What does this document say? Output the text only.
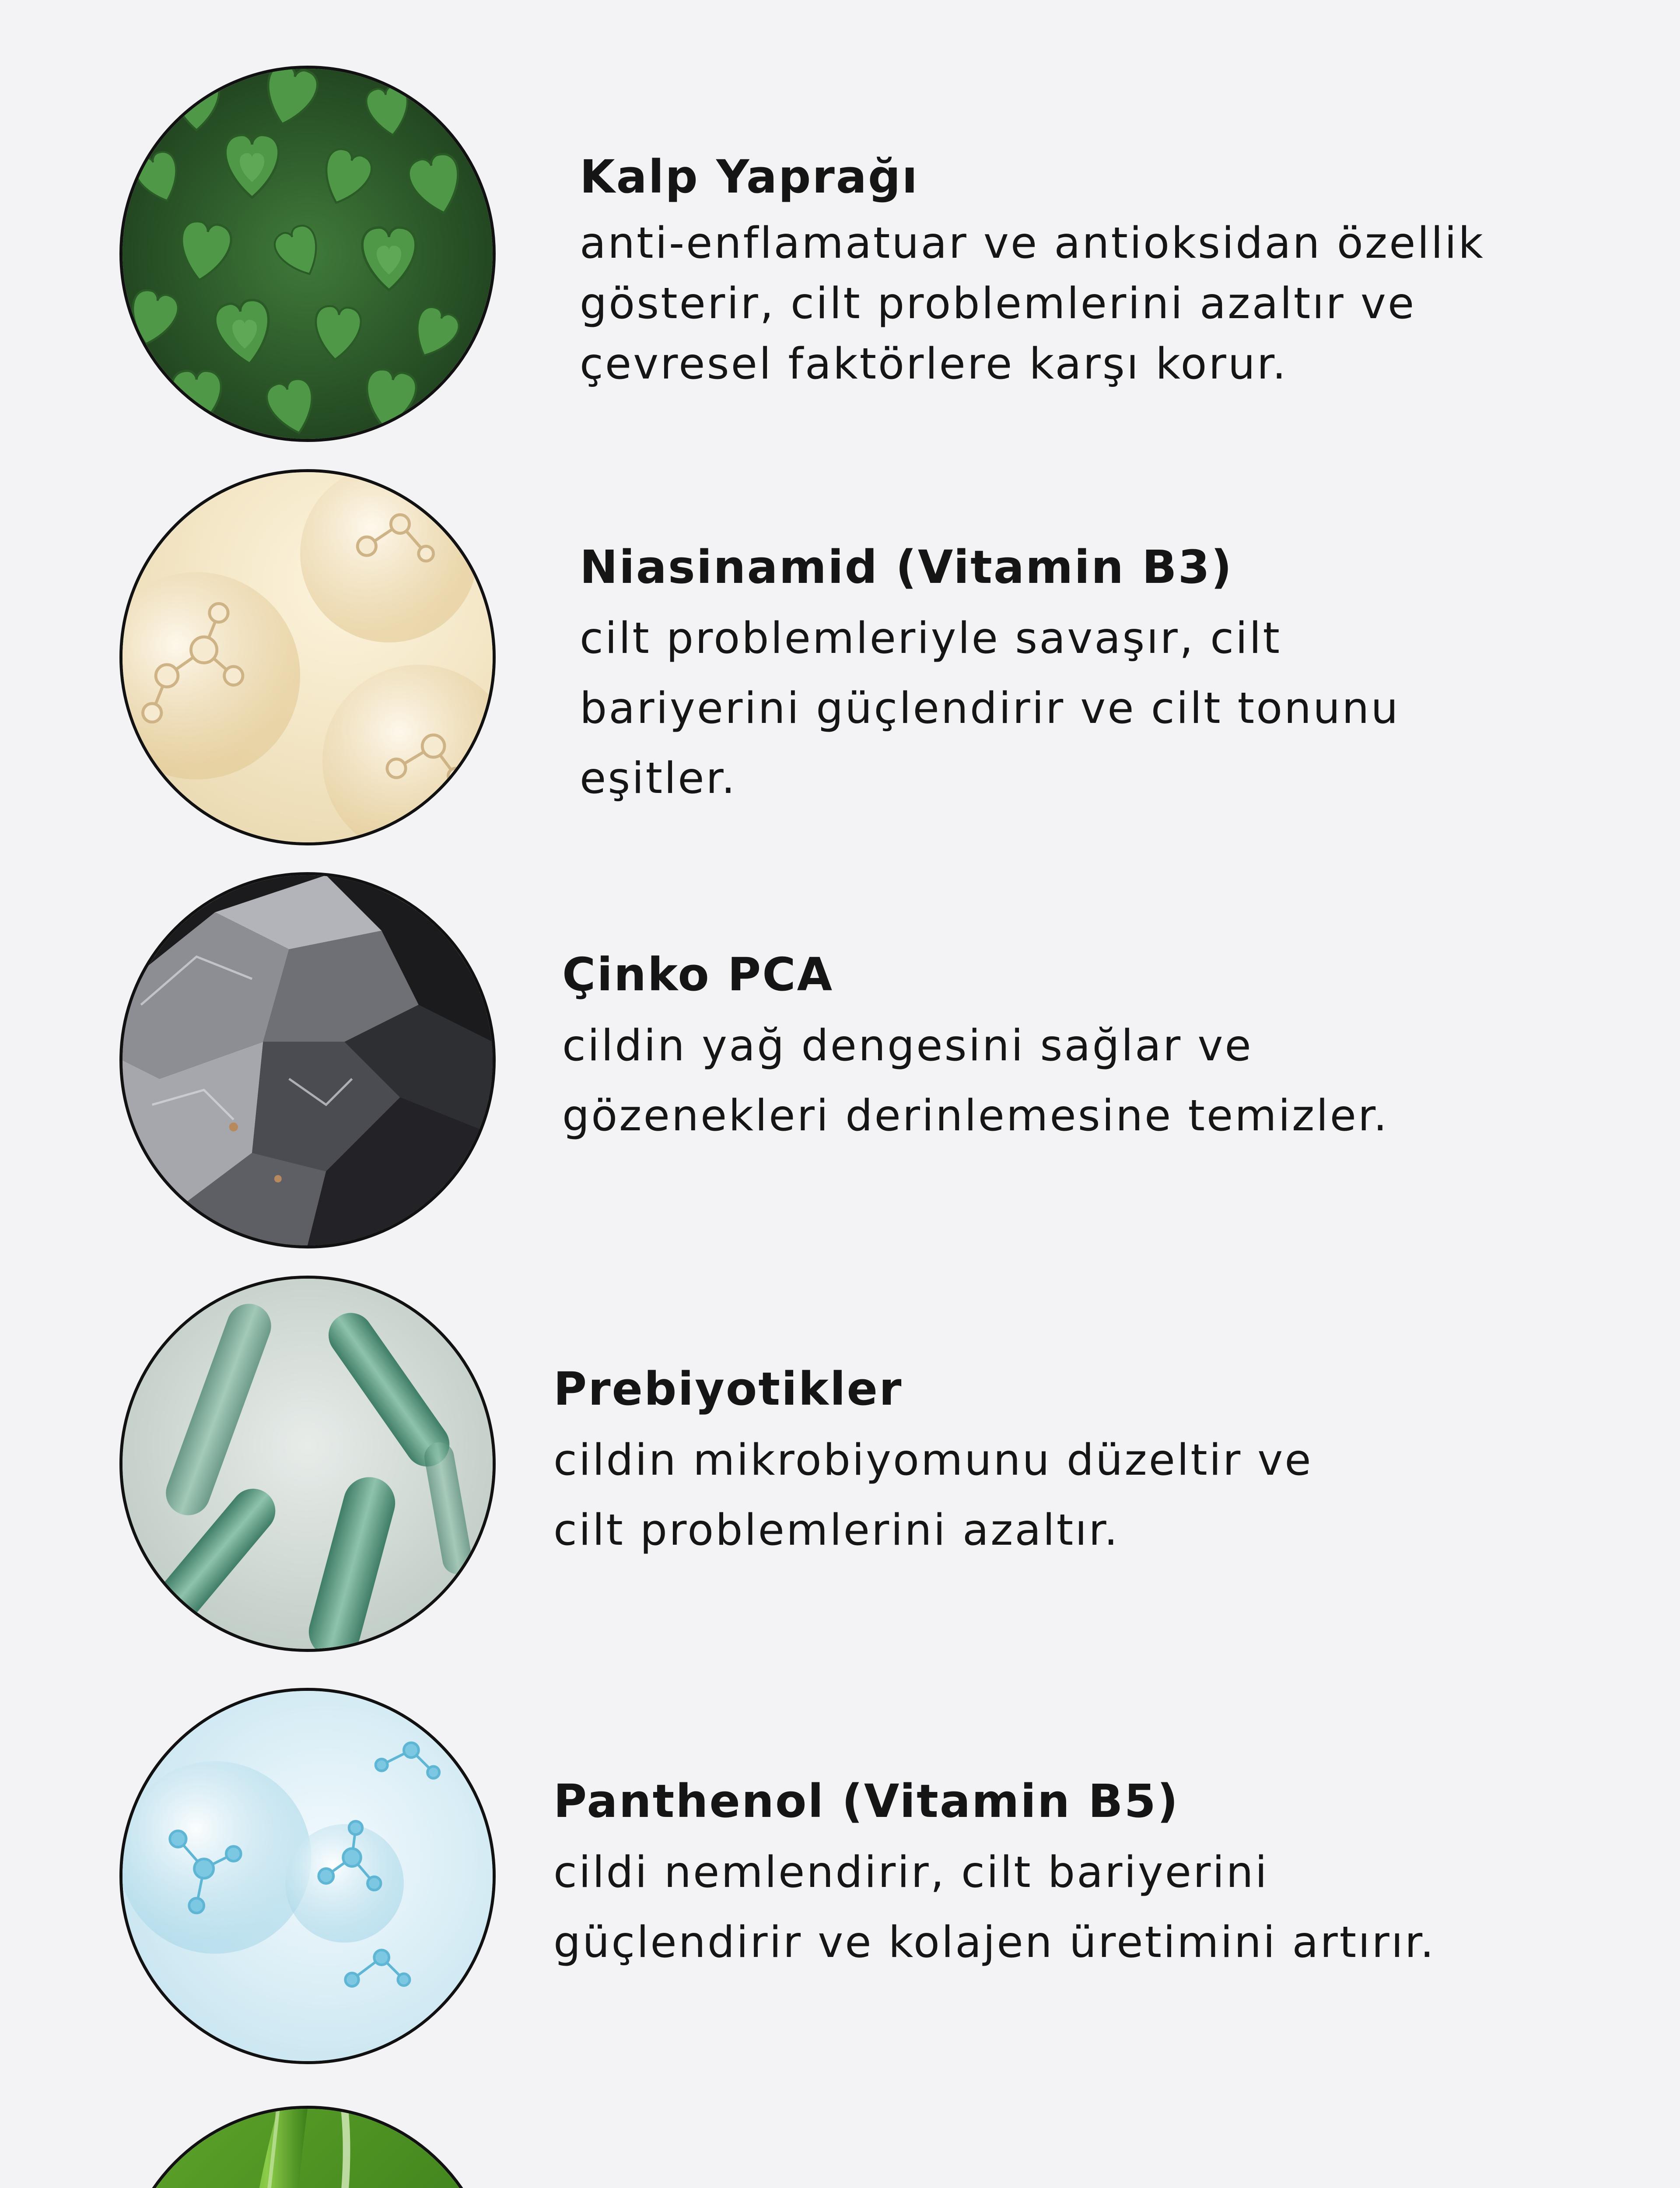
Kalp Yaprağı
anti-enflamatuar ve antioksidan özellik
gösterir, cilt problemlerini azaltır ve
çevresel faktörlere karşı korur.
Niasinamid (Vitamin B3)
cilt problemleriyle savaşır, cilt
bariyerini güçlendirir ve cilt tonunu
eşitler.
Çinko PCA
cildin yağ dengesini sağlar ve
gözenekleri derinlemesine temizler.
Prebiyotikler
cildin mikrobiyomunu düzeltir ve
cilt problemlerini azaltır.
Panthenol (Vitamin B5)
cildi nemlendirir, cilt bariyerini
güçlendirir ve kolajen üretimini artırır.
